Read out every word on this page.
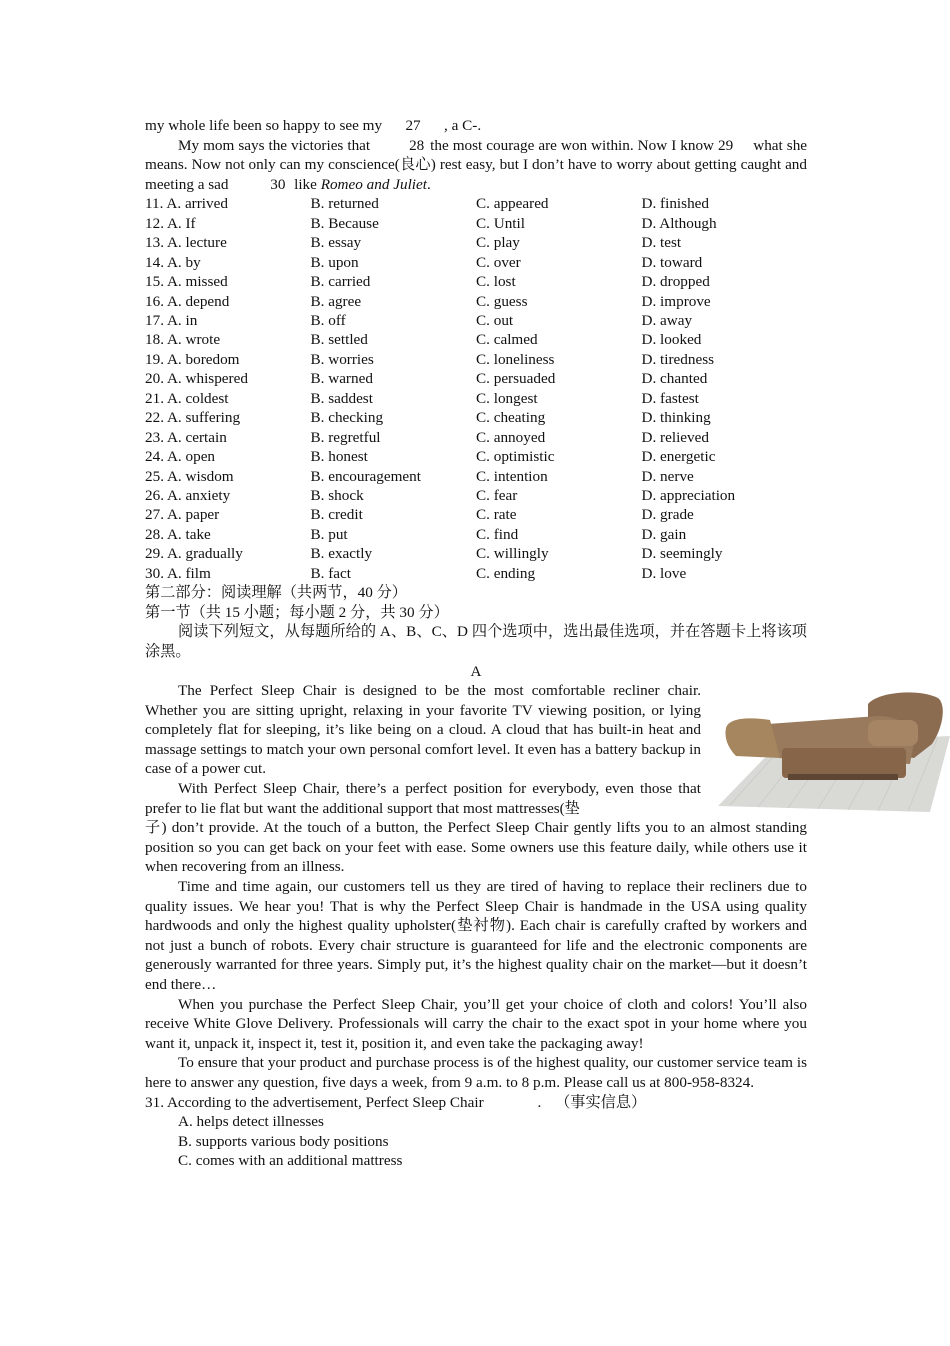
my whole life been so happy to see my 27 , a C-.

My mom says the victories that	28 the most courage are won within. Now I know 29 what she means. Now not only can my conscience(良心) rest easy, but I don’t have to worry about getting caught and meeting a sad	30 like Romeo and Juliet.

11. A. arrived	B. returned	C. appeared	D. finished
12. A. If	B. Because	C. Until	D. Although
13. A. lecture	B. essay	C. play	D. test
14. A. by	B. upon	C. over	D. toward
15. A. missed	B. carried	C. lost	D. dropped
16. A. depend	B. agree	C. guess	D. improve
17. A. in	B. off	C. out	D. away
18. A. wrote	B. settled	C. calmed	D. looked
19. A. boredom	B. worries	C. loneliness	D. tiredness
20. A. whispered	B. warned	C. persuaded	D. chanted
21. A. coldest	B. saddest	C. longest	D. fastest
22. A. suffering	B. checking	C. cheating	D. thinking
23. A. certain	B. regretful	C. annoyed	D. relieved
24. A. open	B. honest	C. optimistic	D. energetic
25. A. wisdom	B. encouragement	C. intention	D. nerve
26. A. anxiety	B. shock	C. fear	D. appreciation
27. A. paper	B. credit	C. rate	D. grade
28. A. take	B. put	C. find	D. gain
29. A. gradually	B. exactly	C. willingly	D. seemingly
30. A. film	B. fact	C. ending	D. love

第二部分：阅读理解（共两节，40 分）

第一节（共 15 小题；每小题 2 分，共 30 分）

阅读下列短文，从每题所给的 A、B、C、D 四个选项中，选出最佳选项，并在答题卡上将该项涂黑。

A

The Perfect Sleep Chair is designed to be the most comfortable recliner chair. Whether you are sitting upright, relaxing in your favorite TV viewing position, or lying completely flat for sleeping, it’s like being on a cloud. A cloud that has built-in heat and massage settings to match your own personal comfort level. It even has a battery backup in case of a power cut.

With Perfect Sleep Chair, there’s a perfect position for everybody, even those that prefer to lie flat but want the additional support that most mattresses(垫

子) don’t provide. At the touch of a button, the Perfect Sleep Chair gently lifts you to an almost standing position so you can get back on your feet with ease. Some owners use this feature daily, while others use it when recovering from an illness.

Time and time again, our customers tell us they are tired of having to replace their recliners due to quality issues. We hear you! That is why the Perfect Sleep Chair is handmade in the USA using quality hardwoods and only the highest quality upholster(垫衬物). Each chair is carefully crafted by workers and not just a bunch of robots. Every chair structure is guaranteed for life and the electronic components are generously warranted for three years. Simply put, it’s the highest quality chair on the market—but it doesn’t end there…

When you purchase the Perfect Sleep Chair, you’ll get your choice of cloth and colors! You’ll also receive White Glove Delivery. Professionals will carry the chair to the exact spot in your home where you want it, unpack it, inspect it, test it, position it, and even take the packaging away!

To ensure that your product and purchase process is of the highest quality, our customer service team is here to answer any question, five days a week, from 9 a.m. to 8 p.m. Please call us at 800-958-8324.

31. According to the advertisement, Perfect Sleep Chair	. （事实信息）

A. helps detect illnesses

B. supports various body positions

C. comes with an additional mattress
